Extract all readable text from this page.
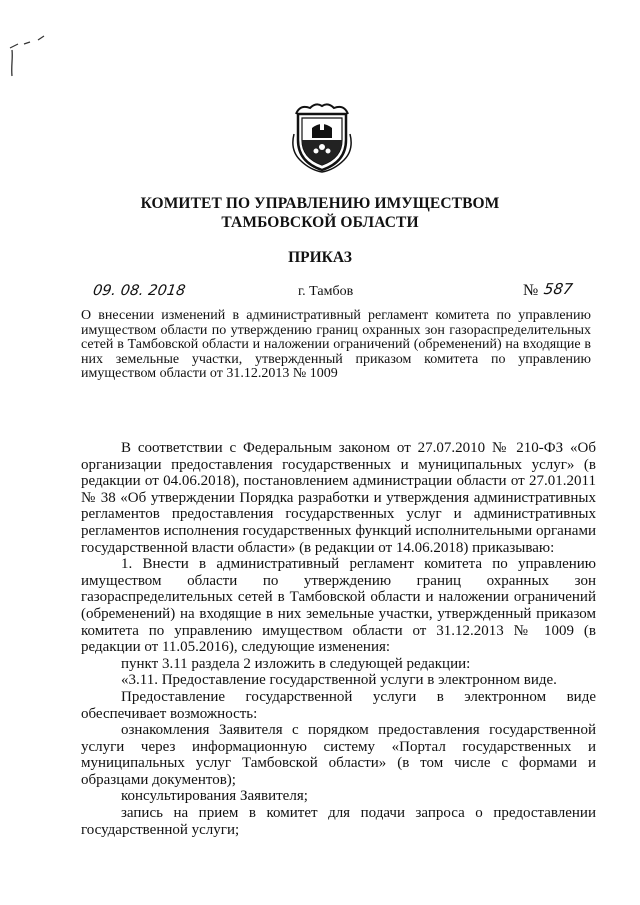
КОМИТЕТ ПО УПРАВЛЕНИЮ ИМУЩЕСТВОМ
ТАМБОВСКОЙ ОБЛАСТИ
ПРИКАЗ
09. 08. 2018	г. Тамбов	№ 587
О внесении изменений в административный регламент комитета по управлению имуществом области по утверждению границ охранных зон газораспределительных сетей в Тамбовской области и наложении ограничений (обременений) на входящие в них земельные участки, утвержденный приказом комитета по управлению имуществом области от 31.12.2013 № 1009

В соответствии с Федеральным законом от 27.07.2010 № 210-ФЗ «Об организации предоставления государственных и муниципальных услуг» (в редакции от 04.06.2018), постановлением администрации области от 27.01.2011 № 38 «Об утверждении Порядка разработки и утверждения административных регламентов предоставления государственных услуг и административных регламентов исполнения государственных функций исполнительными органами государственной власти области» (в редакции от 14.06.2018) приказываю:

1. Внести в административный регламент комитета по управлению имуществом области по утверждению границ охранных зон газораспределительных сетей в Тамбовской области и наложении ограничений (обременений) на входящие в них земельные участки, утвержденный приказом комитета по управлению имуществом области от 31.12.2013 № 1009 (в редакции от 11.05.2016), следующие изменения:

пункт 3.11 раздела 2 изложить в следующей редакции:

«3.11. Предоставление государственной услуги в электронном виде.

Предоставление государственной услуги в электронном виде обеспечивает возможность:

ознакомления Заявителя с порядком предоставления государственной услуги через информационную систему «Портал государственных и муниципальных услуг Тамбовской области» (в том числе с формами и образцами документов);

консультирования Заявителя;

запись на прием в комитет для подачи запроса о предоставлении государственной услуги;
